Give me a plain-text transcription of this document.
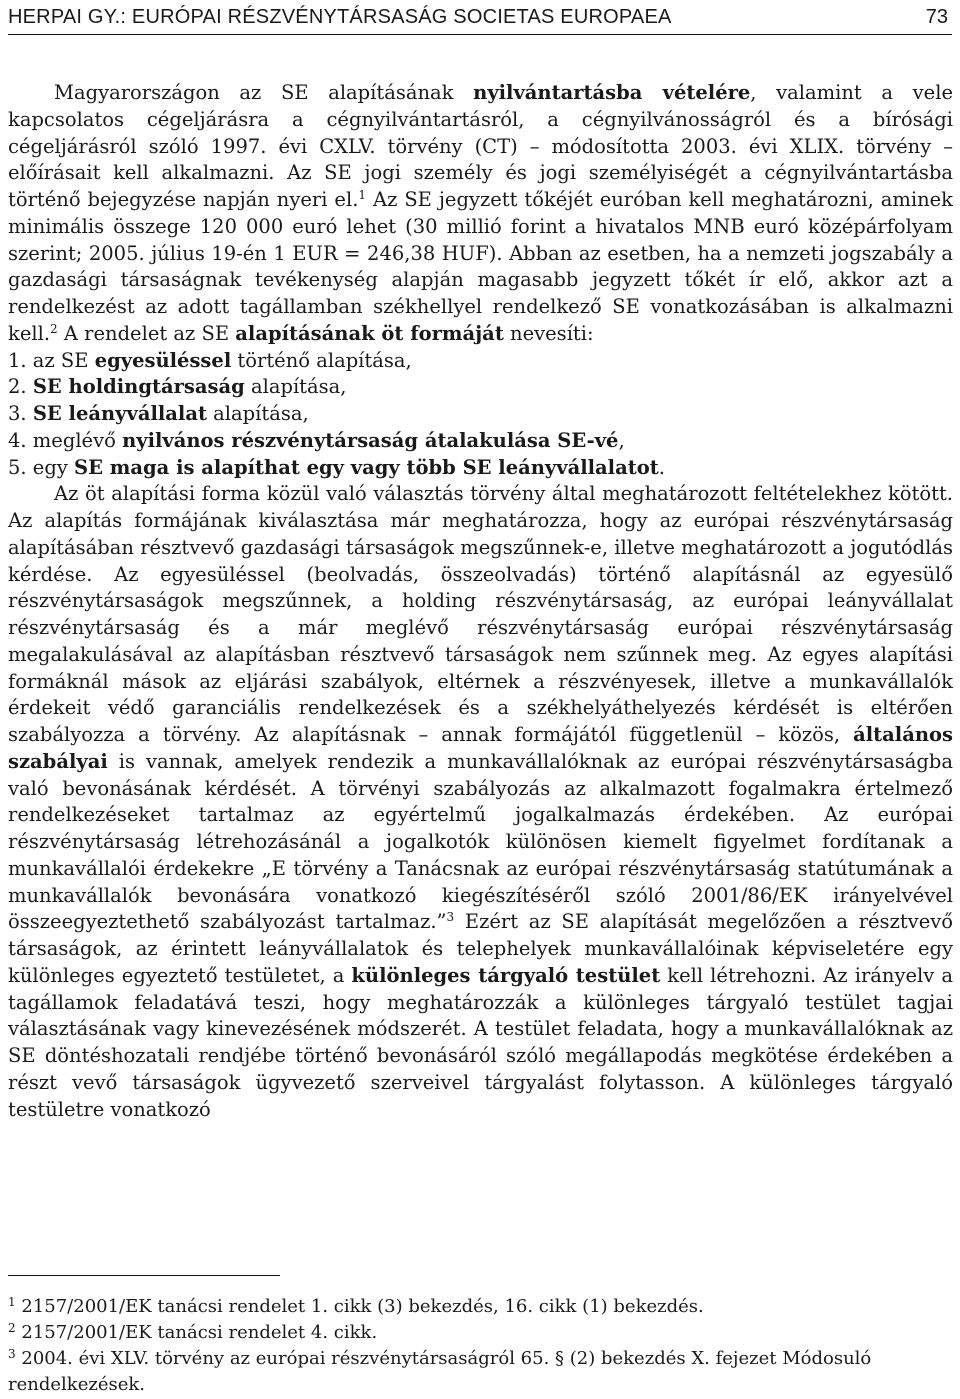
HERPAI GY.: EURÓPAI RÉSZVÉNYTÁRSASÁG SOCIETAS EUROPAEA	73

Magyarországon az SE alapításának nyilvántartásba vételére, valamint a vele kapcsolatos cégeljárásra a cégnyilvántartásról, a cégnyilvánosságról és a bírósági cégeljárásról szóló 1997. évi CXLV. törvény (CT) – módosította 2003. évi XLIX. törvény – előírásait kell alkalmazni. Az SE jogi személy és jogi személyiségét a cégnyilvántartásba történő bejegyzése napján nyeri el.$^1$ Az SE jegyzett tőkéjét euróban kell meghatározni, aminek minimális összege 120 000 euró lehet (30 millió forint a hivatalos MNB euró középárfolyam szerint; 2005. július 19-én 1 EUR = 246,38 HUF). Abban az esetben, ha a nemzeti jogszabály a gazdasági társaságnak tevékenység alapján magasabb jegyzett tőkét ír elő, akkor azt a rendelkezést az adott tagállamban székhellyel rendelkező SE vonatkozásában is alkalmazni kell.$^2$ A rendelet az SE alapításának öt formáját nevesíti:

1. az SE egyesüléssel történő alapítása,
2. SE holdingtársaság alapítása,
3. SE leányvállalat alapítása,
4. meglévő nyilvános részvénytársaság átalakulása SE-vé,
5. egy SE maga is alapíthat egy vagy több SE leányvállalatot.

Az öt alapítási forma közül való választás törvény által meghatározott feltételekhez kötött. Az alapítás formájának kiválasztása már meghatározza, hogy az európai részvénytársaság alapításában résztvevő gazdasági társaságok megszűnnek-e, illetve meghatározott a jogutódlás kérdése. Az egyesüléssel (beolvadás, összeolvadás) történő alapításnál az egyesülő részvénytársaságok megszűnnek, a holding részvénytársaság, az európai leányvállalat részvénytársaság és a már meglévő részvénytársaság európai részvénytársaság megalakulásával az alapításban résztvevő társaságok nem szűnnek meg. Az egyes alapítási formáknál mások az eljárási szabályok, eltérnek a részvényesek, illetve a munkavállalók érdekeit védő garanciális rendelkezések és a székhelyáthelyezés kérdését is eltérően szabályozza a törvény. Az alapításnak – annak formájától függetlenül – közös, általános szabályai is vannak, amelyek rendezik a munkavállalóknak az európai részvénytársaságba való bevonásának kérdését. A törvényi szabályozás az alkalmazott fogalmakra értelmező rendelkezéseket tartalmaz az egyértelmű jogalkalmazás érdekében. Az európai részvénytársaság létrehozásánál a jogalkotók különösen kiemelt figyelmet fordítanak a munkavállalói érdekekre „E törvény a Tanácsnak az európai részvénytársaság statútumának a munkavállalók bevonására vonatkozó kiegészítéséről szóló 2001/86/EK irányelvével összeegyeztethető szabályozást tartalmaz.”$^3$ Ezért az SE alapítását megelőzően a résztvevő társaságok, az érintett leányvállalatok és telephelyek munkavállalóinak képviseletére egy különleges egyeztető testületet, a különleges tárgyaló testület kell létrehozni. Az irányelv a tagállamok feladatává teszi, hogy meghatározzák a különleges tárgyaló testület tagjai választásának vagy kinevezésének módszerét. A testület feladata, hogy a munkavállalóknak az SE döntéshozatali rendjébe történő bevonásáról szóló megállapodás megkötése érdekében a részt vevő társaságok ügyvezető szerveivel tárgyalást folytasson. A különleges tárgyaló testületre vonatkozó

$^1$ 2157/2001/EK tanácsi rendelet 1. cikk (3) bekezdés, 16. cikk (1) bekezdés.

$^2$ 2157/2001/EK tanácsi rendelet 4. cikk.

$^3$ 2004. évi XLV. törvény az európai részvénytársaságról 65. § (2) bekezdés X. fejezet Módosuló rendelkezések.
